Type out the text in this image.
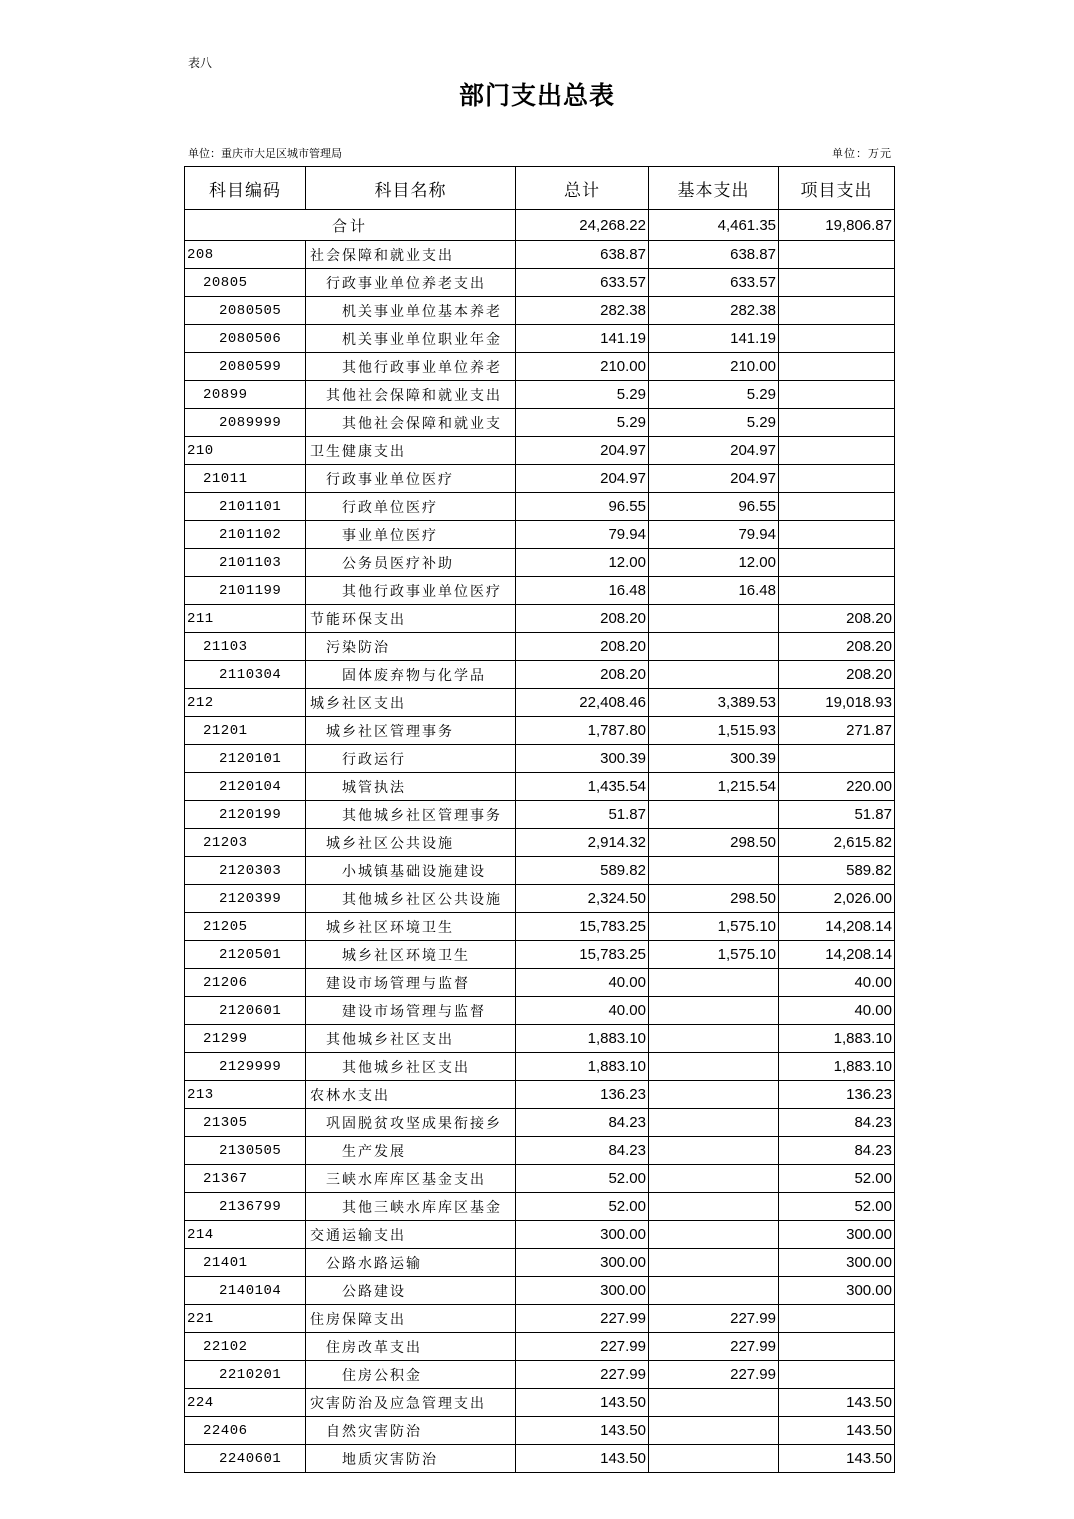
表八
部门支出总表
单位：重庆市大足区城市管理局	单位：万元
科目编码	科目名称	总计	基本支出	项目支出
合计		24,268.22	4,461.35	19,806.87
208	社会保障和就业支出	638.87	638.87	
20805	行政事业单位养老支出	633.57	633.57	
2080505	机关事业单位基本养老	282.38	282.38	
2080506	机关事业单位职业年金	141.19	141.19	
2080599	其他行政事业单位养老	210.00	210.00	
20899	其他社会保障和就业支出	5.29	5.29	
2089999	其他社会保障和就业支	5.29	5.29	
210	卫生健康支出	204.97	204.97	
21011	行政事业单位医疗	204.97	204.97	
2101101	行政单位医疗	96.55	96.55	
2101102	事业单位医疗	79.94	79.94	
2101103	公务员医疗补助	12.00	12.00	
2101199	其他行政事业单位医疗	16.48	16.48	
211	节能环保支出	208.20		208.20
21103	污染防治	208.20		208.20
2110304	固体废弃物与化学品	208.20		208.20
212	城乡社区支出	22,408.46	3,389.53	19,018.93
21201	城乡社区管理事务	1,787.80	1,515.93	271.87
2120101	行政运行	300.39	300.39	
2120104	城管执法	1,435.54	1,215.54	220.00
2120199	其他城乡社区管理事务	51.87		51.87
21203	城乡社区公共设施	2,914.32	298.50	2,615.82
2120303	小城镇基础设施建设	589.82		589.82
2120399	其他城乡社区公共设施	2,324.50	298.50	2,026.00
21205	城乡社区环境卫生	15,783.25	1,575.10	14,208.14
2120501	城乡社区环境卫生	15,783.25	1,575.10	14,208.14
21206	建设市场管理与监督	40.00		40.00
2120601	建设市场管理与监督	40.00		40.00
21299	其他城乡社区支出	1,883.10		1,883.10
2129999	其他城乡社区支出	1,883.10		1,883.10
213	农林水支出	136.23		136.23
21305	巩固脱贫攻坚成果衔接乡	84.23		84.23
2130505	生产发展	84.23		84.23
21367	三峡水库库区基金支出	52.00		52.00
2136799	其他三峡水库库区基金	52.00		52.00
214	交通运输支出	300.00		300.00
21401	公路水路运输	300.00		300.00
2140104	公路建设	300.00		300.00
221	住房保障支出	227.99	227.99	
22102	住房改革支出	227.99	227.99	
2210201	住房公积金	227.99	227.99	
224	灾害防治及应急管理支出	143.50		143.50
22406	自然灾害防治	143.50		143.50
2240601	地质灾害防治	143.50		143.50
